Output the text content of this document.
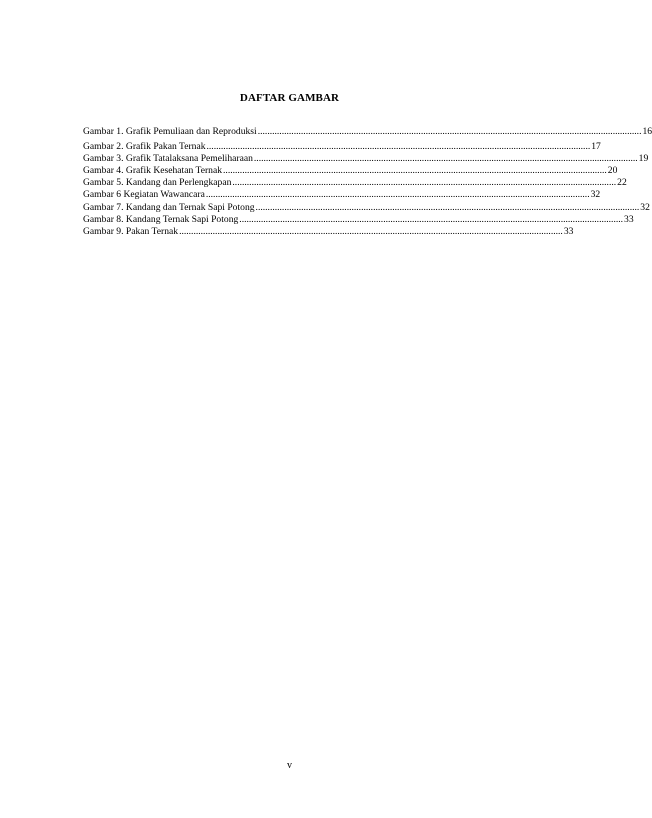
DAFTAR GAMBAR
Gambar 1. Grafik Pemuliaan dan Reproduksi ................................................................................................................................................................ 16
Gambar 2. Grafik Pakan Ternak ................................................................................................................................................................ 17
Gambar 3. Grafik Tatalaksana Pemeliharaan ................................................................................................................................................................ 19
Gambar 4. Grafik Kesehatan Ternak ................................................................................................................................................................ 20
Gambar 5. Kandang dan Perlengkapan ................................................................................................................................................................ 22
Gambar 6 Kegiatan Wawancara ................................................................................................................................................................ 32
Gambar 7. Kandang dan Ternak Sapi Potong ................................................................................................................................................................ 32
Gambar 8. Kandang Ternak Sapi Potong ................................................................................................................................................................ 33
Gambar 9. Pakan Ternak ................................................................................................................................................................ 33
v
